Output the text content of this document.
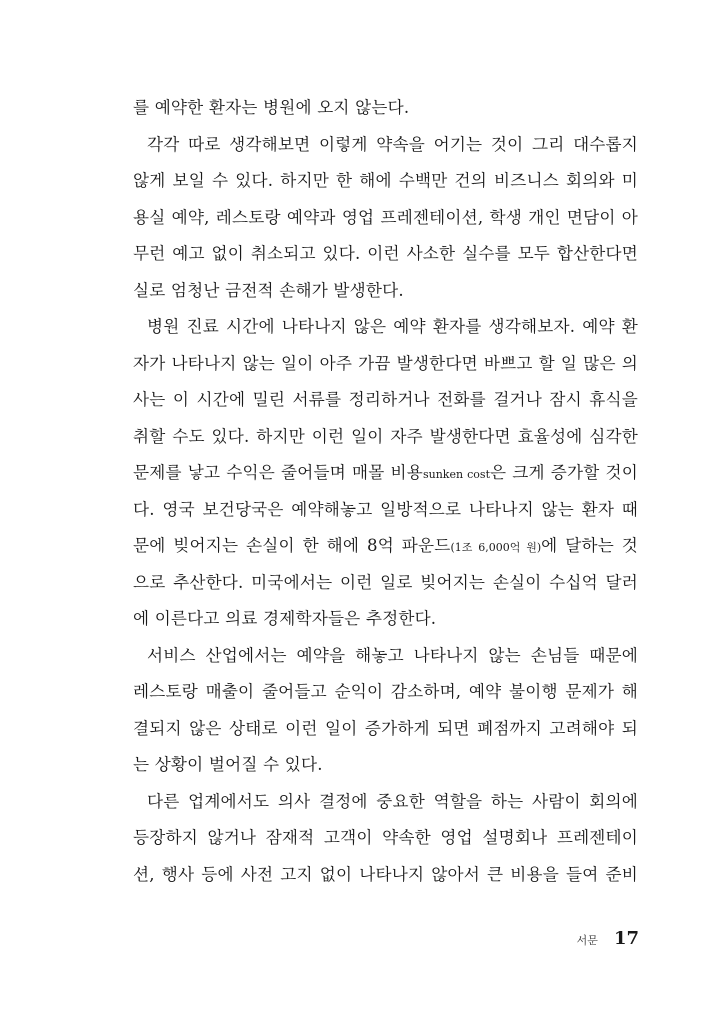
를 예약한 환자는 병원에 오지 않는다.
각각 따로 생각해보면 이렇게 약속을 어기는 것이 그리 대수롭지
않게 보일 수 있다. 하지만 한 해에 수백만 건의 비즈니스 회의와 미
용실 예약, 레스토랑 예약과 영업 프레젠테이션, 학생 개인 면담이 아
무런 예고 없이 취소되고 있다. 이런 사소한 실수를 모두 합산한다면
실로 엄청난 금전적 손해가 발생한다.
병원 진료 시간에 나타나지 않은 예약 환자를 생각해보자. 예약 환
자가 나타나지 않는 일이 아주 가끔 발생한다면 바쁘고 할 일 많은 의
사는 이 시간에 밀린 서류를 정리하거나 전화를 걸거나 잠시 휴식을
취할 수도 있다. 하지만 이런 일이 자주 발생한다면 효율성에 심각한
문제를 낳고 수익은 줄어들며 매몰 비용sunken cost은 크게 증가할 것이
다. 영국 보건당국은 예약해놓고 일방적으로 나타나지 않는 환자 때
문에 빚어지는 손실이 한 해에 8억 파운드(1조 6,000억 원)에 달하는 것
으로 추산한다. 미국에서는 이런 일로 빚어지는 손실이 수십억 달러
에 이른다고 의료 경제학자들은 추정한다.
서비스 산업에서는 예약을 해놓고 나타나지 않는 손님들 때문에
레스토랑 매출이 줄어들고 순익이 감소하며, 예약 불이행 문제가 해
결되지 않은 상태로 이런 일이 증가하게 되면 폐점까지 고려해야 되
는 상황이 벌어질 수 있다.
다른 업계에서도 의사 결정에 중요한 역할을 하는 사람이 회의에
등장하지 않거나 잠재적 고객이 약속한 영업 설명회나 프레젠테이
션, 행사 등에 사전 고지 없이 나타나지 않아서 큰 비용을 들여 준비
서문 17
